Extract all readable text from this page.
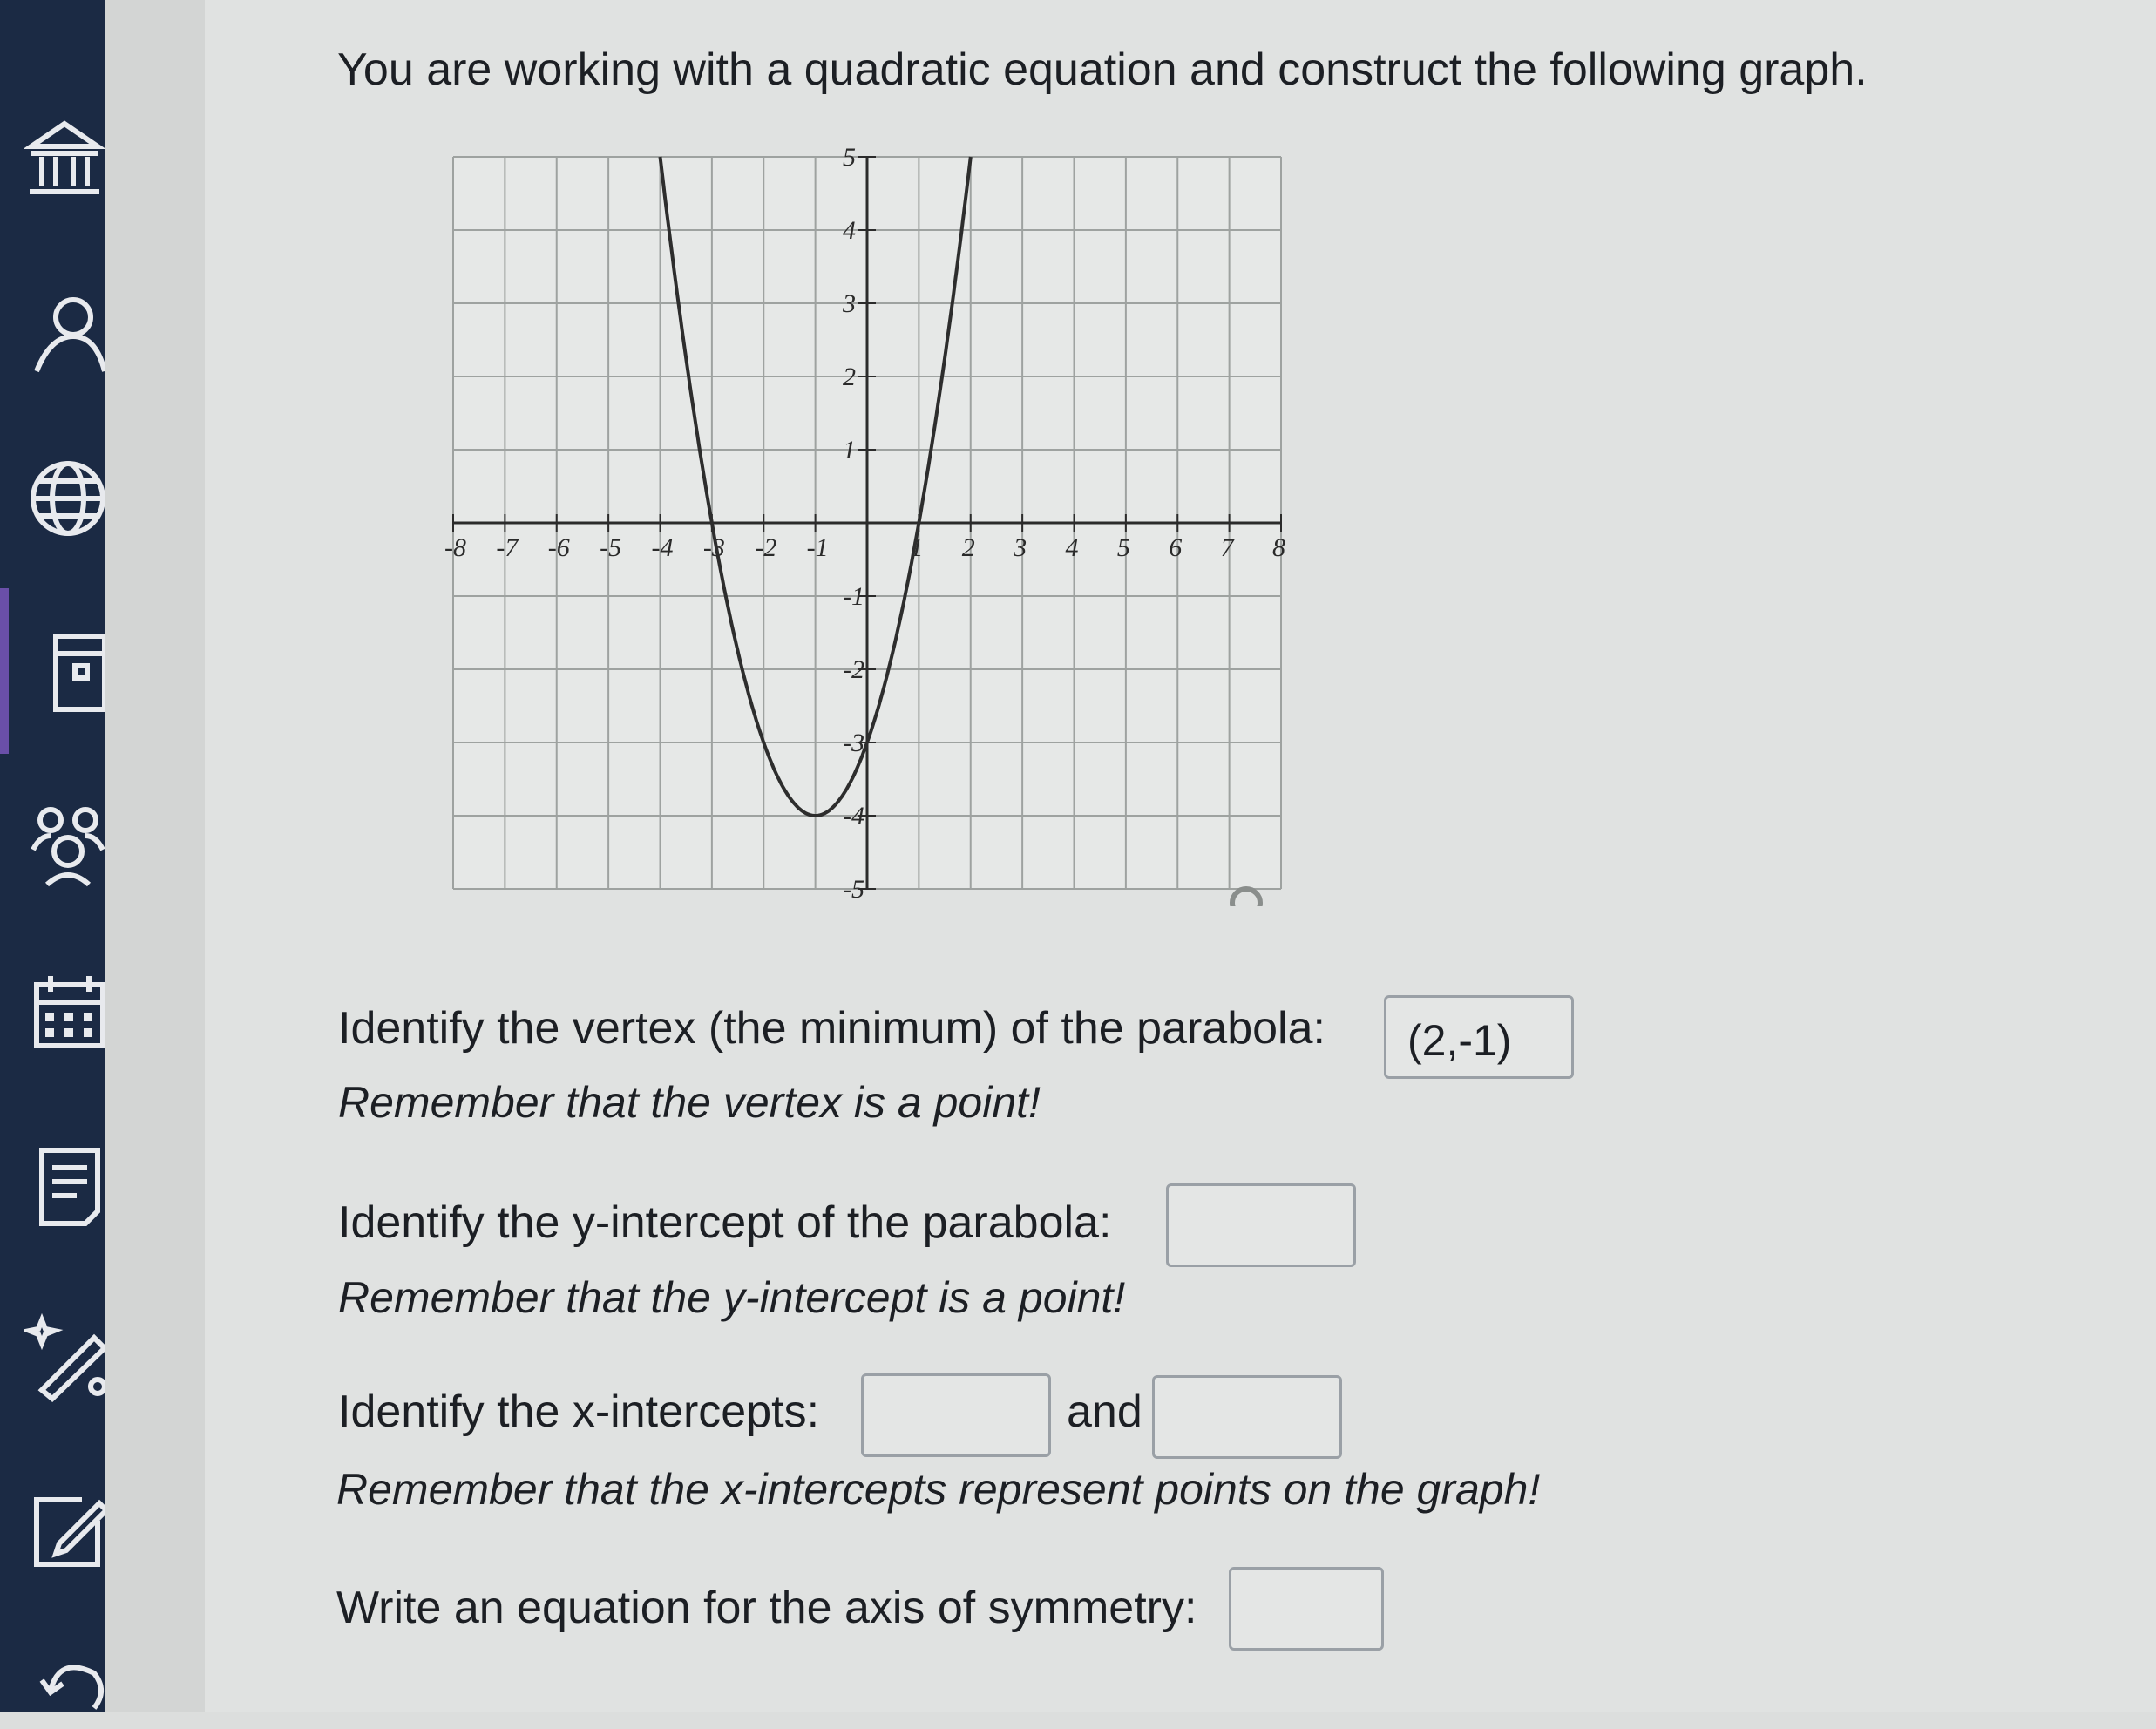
You are working with a quadratic equation and construct the following graph.
-8 -7 -6 -5 -4 -3 -2 -1	1 2 3 4 5 6 7 8
5
4
3
2
1
-1
-2
-3
-4
-5
Identify the vertex (the minimum) of the parabola:	(2,-1)
Remember that the vertex is a point!
Identify the y-intercept of the parabola:
Remember that the y-intercept is a point!
Identify the x-intercepts:	and
Remember that the x-intercepts represent points on the graph!
Write an equation for the axis of symmetry:
